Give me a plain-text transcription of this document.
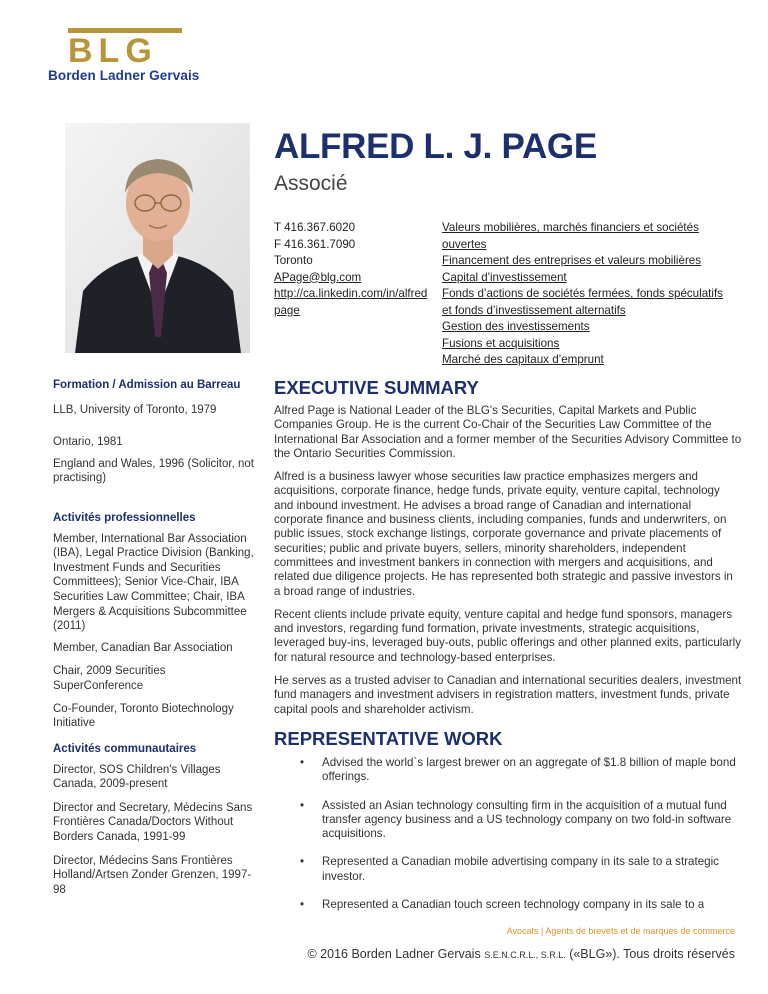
BLG
Borden Ladner Gervais
ALFRED L. J. PAGE
Associé
T 416.367.6020
F 416.361.7090
Toronto
APage@blg.com
http://ca.linkedin.com/in/alfred
page
Valeurs mobilières, marchés financiers et sociétés
ouvertes
Financement des entreprises et valeurs mobilières
Capital d'investissement
Fonds d’actions de sociétés fermées, fonds spéculatifs
et fonds d’investissement alternatifs
Gestion des investissements
Fusions et acquisitions
Marché des capitaux d’emprunt
Formation / Admission au Barreau

LLB, University of Toronto, 1979

Ontario, 1981

England and Wales, 1996 (Solicitor, not practising)

Activités professionnelles

Member, International Bar Association (IBA), Legal Practice Division (Banking, Investment Funds and Securities Committees); Senior Vice-Chair, IBA Securities Law Committee; Chair, IBA Mergers & Acquisitions Subcommittee (2011)

Member, Canadian Bar Association

Chair, 2009 Securities SuperConference

Co-Founder, Toronto Biotechnology Initiative

Activités communautaires

Director, SOS Children's Villages Canada, 2009-present

Director and Secretary, Médecins Sans Frontières Canada/Doctors Without Borders Canada, 1991-99

Director, Médecins Sans Frontières Holland/Artsen Zonder Grenzen, 1997-98

EXECUTIVE SUMMARY

Alfred Page is National Leader of the BLG's Securities, Capital Markets and Public Companies Group. He is the current Co-Chair of the Securities Law Committee of the International Bar Association and a former member of the Securities Advisory Committee to the Ontario Securities Commission.

Alfred is a business lawyer whose securities law practice emphasizes mergers and acquisitions, corporate finance, hedge funds, private equity, venture capital, technology and inbound investment. He advises a broad range of Canadian and international corporate finance and business clients, including companies, funds and underwriters, on public issues, stock exchange listings, corporate governance and private placements of securities; public and private buyers, sellers, minority shareholders, independent committees and investment bankers in connection with mergers and acquisitions, and related due diligence projects. He has represented both strategic and passive investors in a broad range of industries.

Recent clients include private equity, venture capital and hedge fund sponsors, managers and investors, regarding fund formation, private investments, strategic acquisitions, leveraged buy-ins, leveraged buy-outs, public offerings and other planned exits, particularly for natural resource and technology-based enterprises.

He serves as a trusted adviser to Canadian and international securities dealers, investment fund managers and investment advisers in registration matters, investment funds, private capital pools and shareholder activism.

REPRESENTATIVE WORK
• Advised the world`s largest brewer on an aggregate of $1.8 billion of maple bond offerings.
• Assisted an Asian technology consulting firm in the acquisition of a mutual fund transfer agency business and a US technology company on two fold-in software acquisitions.
• Represented a Canadian mobile advertising company in its sale to a strategic investor.
• Represented a Canadian touch screen technology company in its sale to a
Avocats | Agents de brevets et de marques de commerce
© 2016 Borden Ladner Gervais S.E.N.C.R.L., S.R.L. («BLG»). Tous droits réservés
